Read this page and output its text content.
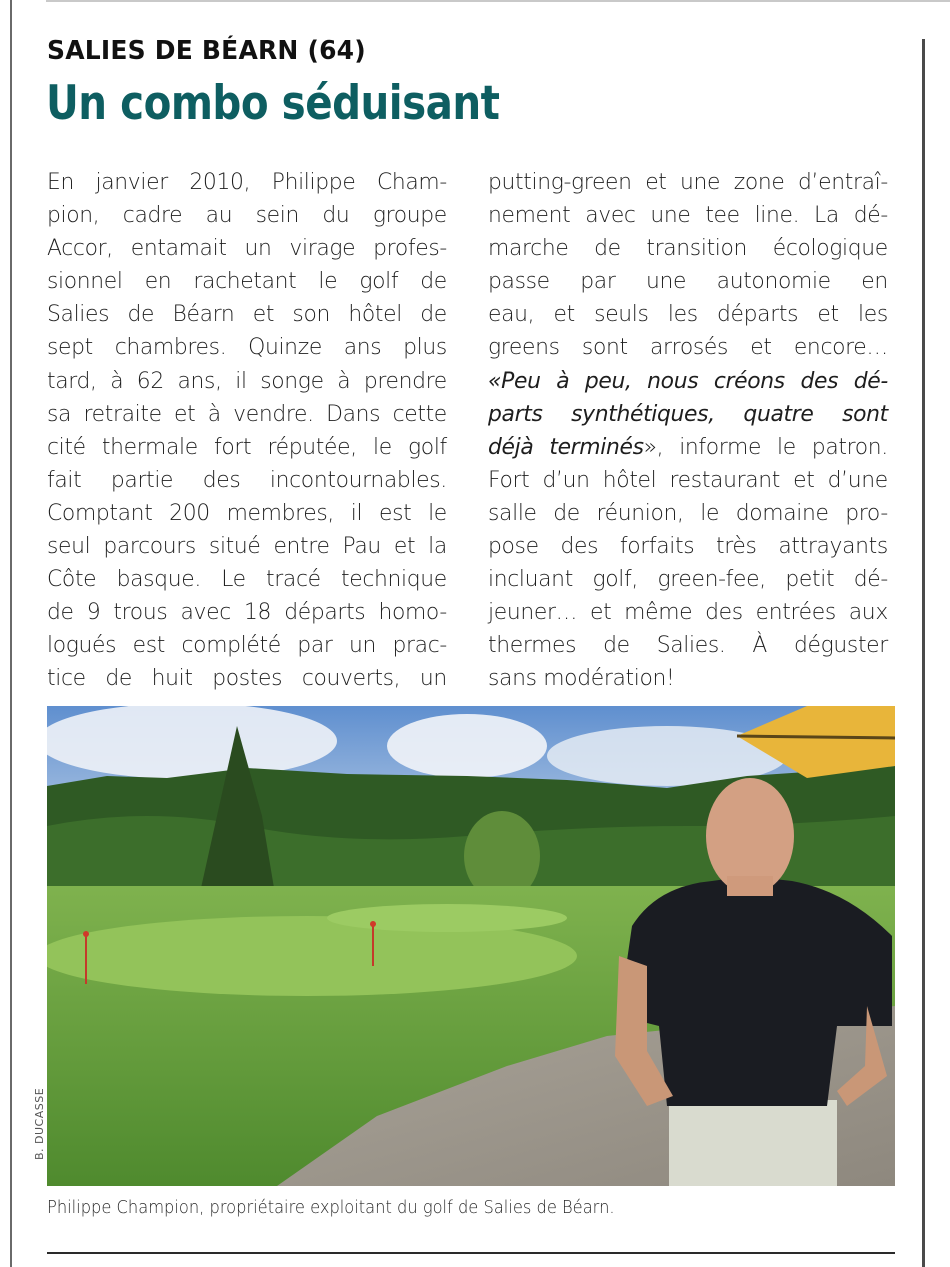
SALIES DE BÉARN (64)
Un combo séduisant
En janvier 2010, Philippe Cham-
pion, cadre au sein du groupe
Accor, entamait un virage profes-
sionnel en rachetant le golf de
Salies de Béarn et son hôtel de
sept chambres. Quinze ans plus
tard, à 62 ans, il songe à prendre
sa retraite et à vendre. Dans cette
cité thermale fort réputée, le golf
fait partie des incontournables.
Comptant 200 membres, il est le
seul parcours situé entre Pau et la
Côte basque. Le tracé technique
de 9 trous avec 18 départs homo-
logués est complété par un prac-
tice de huit postes couverts, un
putting-green et une zone d’entraî-
nement avec une tee line. La dé-
marche de transition écologique
passe par une autonomie en
eau, et seuls les départs et les
greens sont arrosés et encore…
«Peu à peu, nous créons des dé-
parts synthétiques, quatre sont
déjà terminés», informe le patron.
Fort d’un hôtel restaurant et d’une
salle de réunion, le domaine pro-
pose des forfaits très attrayants
incluant golf, green-fee, petit dé-
jeuner… et même des entrées aux
thermes de Salies. À déguster
sans modération!
B. DUCASSE
Philippe Champion, propriétaire exploitant du golf de Salies de Béarn.
